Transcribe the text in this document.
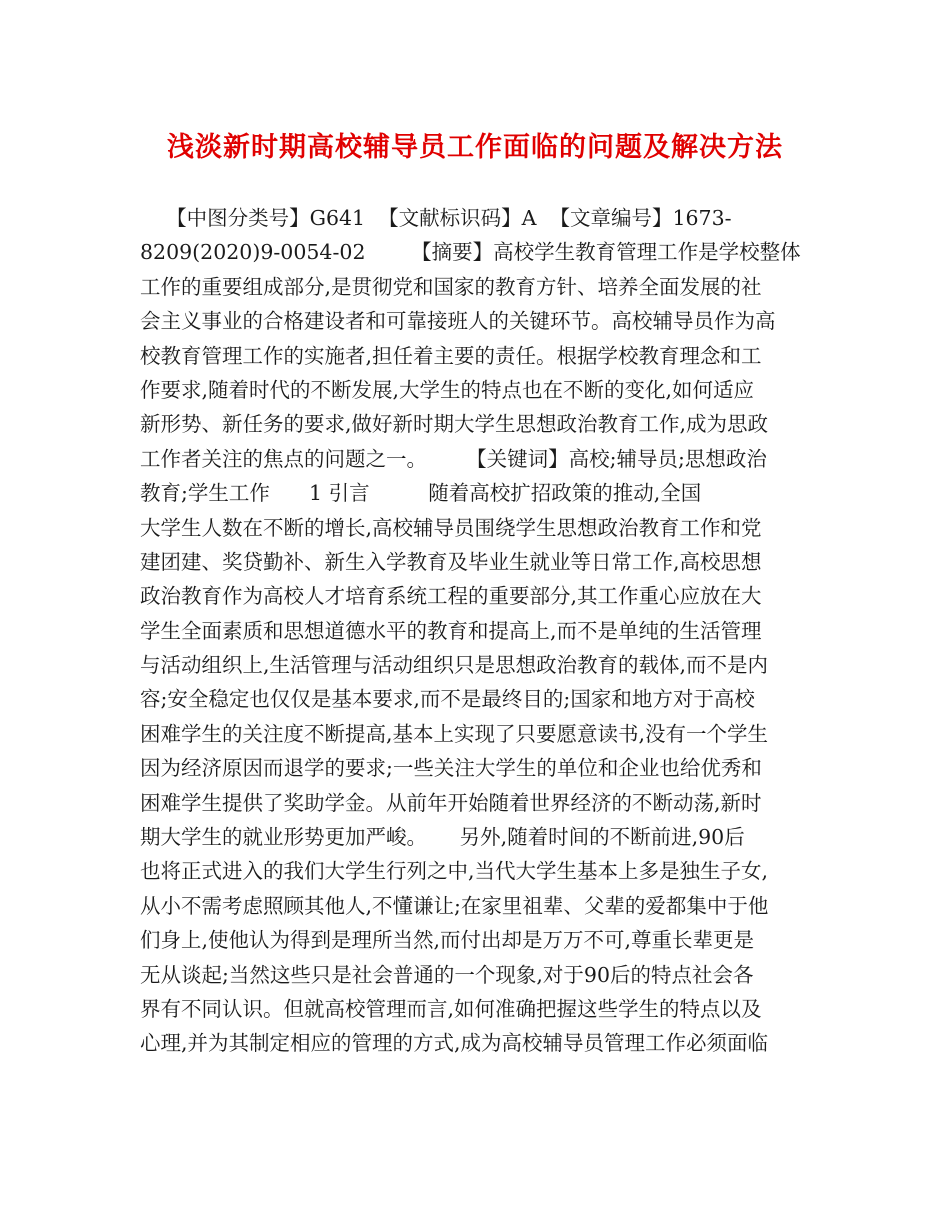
浅淡新时期高校辅导员工作面临的问题及解决方法
【中图分类号】G641  【文献标识码】A  【文章编号】1673-
8209(2020)9-0054-02       【摘要】高校学生教育管理工作是学校整体
工作的重要组成部分,是贯彻党和国家的教育方针、培养全面发展的社
会主义事业的合格建设者和可靠接班人的关键环节。高校辅导员作为高
校教育管理工作的实施者,担任着主要的责任。根据学校教育理念和工
作要求,随着时代的不断发展,大学生的特点也在不断的变化,如何适应
新形势、新任务的要求,做好新时期大学生思想政治教育工作,成为思政
工作者关注的焦点的问题之一。      【关键词】高校;辅导员;思想政治
教育;学生工作      1 引言         随着高校扩招政策的推动,全国
大学生人数在不断的增长,高校辅导员围绕学生思想政治教育工作和党
建团建、奖贷勤补、新生入学教育及毕业生就业等日常工作,高校思想
政治教育作为高校人才培育系统工程的重要部分,其工作重心应放在大
学生全面素质和思想道德水平的教育和提高上,而不是单纯的生活管理
与活动组织上,生活管理与活动组织只是思想政治教育的载体,而不是内
容;安全稳定也仅仅是基本要求,而不是最终目的;国家和地方对于高校
困难学生的关注度不断提高,基本上实现了只要愿意读书,没有一个学生
因为经济原因而退学的要求;一些关注大学生的单位和企业也给优秀和
困难学生提供了奖助学金。从前年开始随着世界经济的不断动荡,新时
期大学生的就业形势更加严峻。     另外,随着时间的不断前进,90后
也将正式进入的我们大学生行列之中,当代大学生基本上多是独生子女,
从小不需考虑照顾其他人,不懂谦让;在家里祖辈、父辈的爱都集中于他
们身上,使他认为得到是理所当然,而付出却是万万不可,尊重长辈更是
无从谈起;当然这些只是社会普通的一个现象,对于90后的特点社会各
界有不同认识。但就高校管理而言,如何准确把握这些学生的特点以及
心理,并为其制定相应的管理的方式,成为高校辅导员管理工作必须面临
